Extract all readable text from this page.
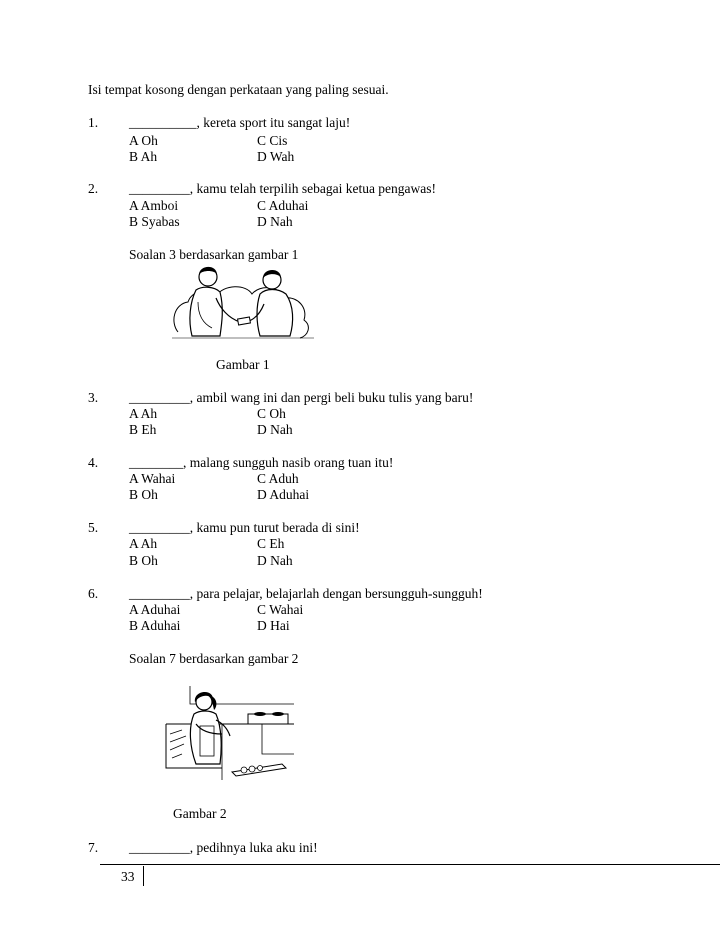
Isi tempat kosong dengan perkataan yang paling sesuai.
1. __________, kereta sport itu sangat laju!
A Oh	C Cis
B Ah	D Wah
2. _________, kamu telah terpilih sebagai ketua pengawas!
A Amboi	C Aduhai
B Syabas	D Nah
Soalan 3 berdasarkan gambar 1
Gambar 1
3. _________, ambil wang ini dan pergi beli buku tulis yang baru!
A Ah	C Oh
B Eh	D Nah
4. ________, malang sungguh nasib orang tuan itu!
A Wahai	C Aduh
B Oh	D Aduhai
5. _________, kamu pun turut berada di sini!
A Ah	C Eh
B Oh	D Nah
6. _________, para pelajar, belajarlah dengan bersungguh-sungguh!
A Aduhai	C Wahai
B Aduhai	D Hai
Soalan 7 berdasarkan gambar 2
Gambar 2
7. _________, pedihnya luka aku ini!
33
